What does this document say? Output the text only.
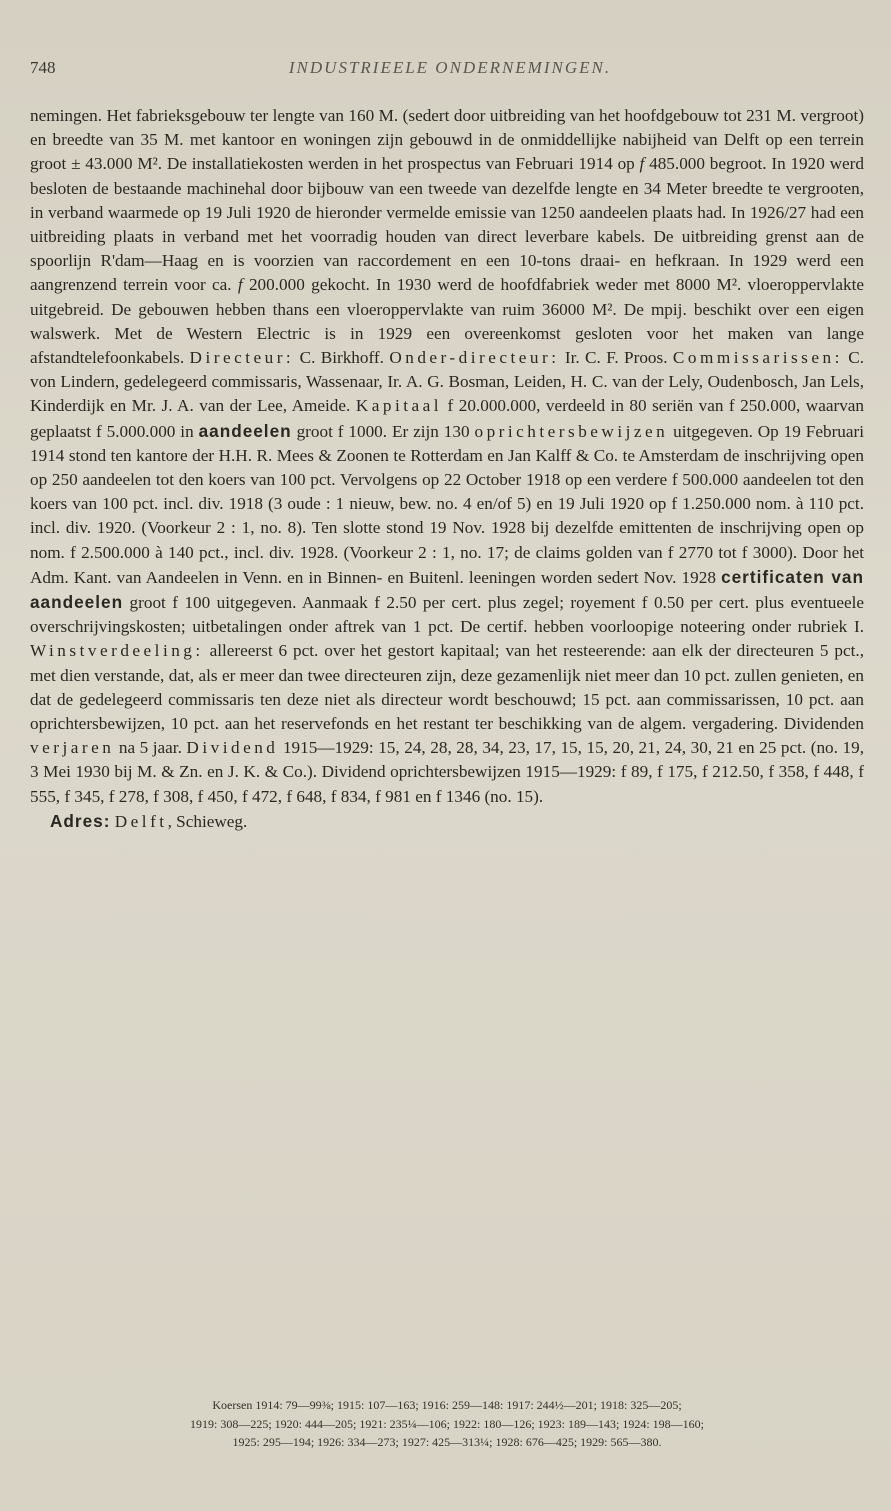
748	INDUSTRIEELE ONDERNEMINGEN.

nemingen. Het fabrieksgebouw ter lengte van 160 M. (sedert door uitbreiding van het hoofdgebouw tot 231 M. vergroot) en breedte van 35 M. met kantoor en woningen zijn gebouwd in de onmiddellijke nabijheid van Delft op een terrein groot ± 43.000 M². De installatiekosten werden in het prospectus van Februari 1914 op f 485.000 begroot. In 1920 werd besloten de bestaande machinehal door bijbouw van een tweede van dezelfde lengte en 34 Meter breedte te vergrooten, in verband waarmede op 19 Juli 1920 de hieronder vermelde emissie van 1250 aandeelen plaats had. In 1926/27 had een uitbreiding plaats in verband met het voorradig houden van direct leverbare kabels. De uitbreiding grenst aan de spoorlijn R'dam—Haag en is voorzien van raccordement en een 10-tons draai- en hefkraan. In 1929 werd een aangrenzend terrein voor ca. f 200.000 gekocht. In 1930 werd de hoofdfabriek weder met 8000 M². vloeroppervlakte uitgebreid. De gebouwen hebben thans een vloeroppervlakte van ruim 36000 M². De mpij. beschikt over een eigen walswerk. Met de Western Electric is in 1929 een overeenkomst gesloten voor het maken van lange afstandtelefoonkabels. Directeur: C. Birkhoff. Onder-directeur: Ir. C. F. Proos. Commissarissen: C. von Lindern, gedelegeerd commissaris, Wassenaar, Ir. A. G. Bosman, Leiden, H. C. van der Lely, Oudenbosch, Jan Lels, Kinderdijk en Mr. J. A. van der Lee, Ameide. Kapitaal f 20.000.000, verdeeld in 80 seriën van f 250.000, waarvan geplaatst f 5.000.000 in aandeelen groot f 1000. Er zijn 130 oprichtersbewijzen uitgegeven. Op 19 Februari 1914 stond ten kantore der H.H. R. Mees & Zoonen te Rotterdam en Jan Kalff & Co. te Amsterdam de inschrijving open op 250 aandeelen tot den koers van 100 pct. Vervolgens op 22 October 1918 op een verdere f 500.000 aandeelen tot den koers van 100 pct. incl. div. 1918 (3 oude : 1 nieuw, bew. no. 4 en/of 5) en 19 Juli 1920 op f 1.250.000 nom. à 110 pct. incl. div. 1920. (Voorkeur 2 : 1, no. 8). Ten slotte stond 19 Nov. 1928 bij dezelfde emittenten de inschrijving open op nom. f 2.500.000 à 140 pct., incl. div. 1928. (Voorkeur 2 : 1, no. 17; de claims golden van f 2770 tot f 3000). Door het Adm. Kant. van Aandeelen in Venn. en in Binnen- en Buitenl. leeningen worden sedert Nov. 1928 certificaten van aandeelen groot f 100 uitgegeven. Aanmaak f 2.50 per cert. plus zegel; royement f 0.50 per cert. plus eventueele overschrijvingskosten; uitbetalingen onder aftrek van 1 pct. De certif. hebben voorloopige noteering onder rubriek I. Winstverdeeling: allereerst 6 pct. over het gestort kapitaal; van het resteerende: aan elk der directeuren 5 pct., met dien verstande, dat, als er meer dan twee directeuren zijn, deze gezamenlijk niet meer dan 10 pct. zullen genieten, en dat de gedelegeerd commissaris ten deze niet als directeur wordt beschouwd; 15 pct. aan commissarissen, 10 pct. aan oprichtersbewijzen, 10 pct. aan het reservefonds en het restant ter beschikking van de algem. vergadering. Dividenden verjaren na 5 jaar. Dividend 1915—1929: 15, 24, 28, 28, 34, 23, 17, 15, 15, 20, 21, 24, 30, 21 en 25 pct. (no. 19, 3 Mei 1930 bij M. & Zn. en J. K. & Co.). Dividend oprichtersbewijzen 1915—1929: f 89, f 175, f 212.50, f 358, f 448, f 555, f 345, f 278, f 308, f 450, f 472, f 648, f 834, f 981 en f 1346 (no. 15).

Adres: Delft, Schieweg.

Koersen 1914: 79—99⅜; 1915: 107—163; 1916: 259—148: 1917: 244½—201; 1918: 325—205;
1919: 308—225; 1920: 444—205; 1921: 235¼—106; 1922: 180—126; 1923: 189—143; 1924: 198—160;
1925: 295—194; 1926: 334—273; 1927: 425—313¼; 1928: 676—425; 1929: 565—380.
